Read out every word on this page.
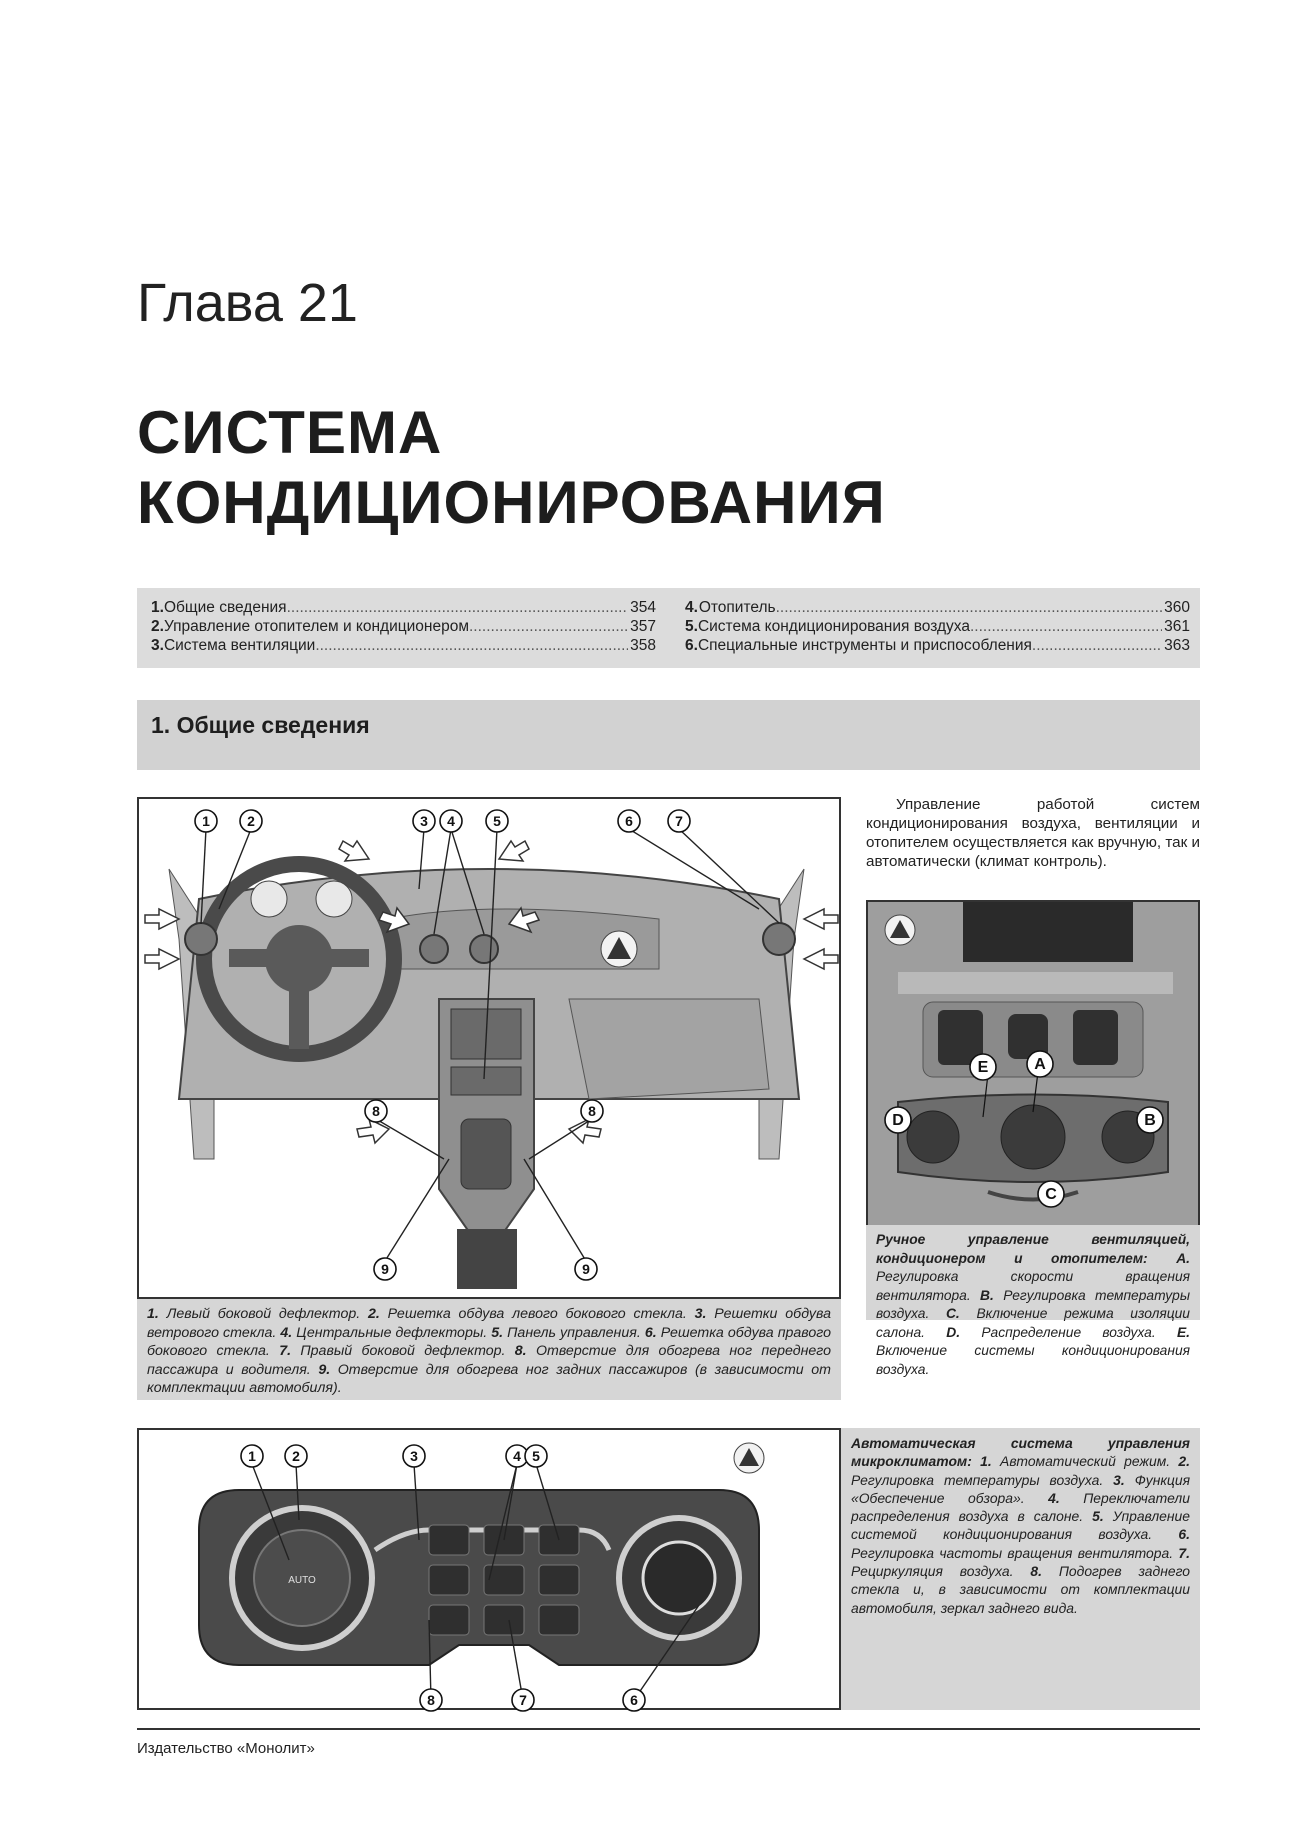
Глава 21
СИСТЕМА
КОНДИЦИОНИРОВАНИЯ
1. Общие сведения .....	354
2. Управление отопителем и кондиционером .....	357
3. Система вентиляции .....	358
4. Отопитель .....	360
5. Система кондиционирования воздуха .....	361
6. Специальные инструменты и приспособления .....	363
1. Общие сведения
1	2	3 4	5	6	7
8	8
9	9
1. Левый боковой дефлектор. 2. Решетка обдува левого бокового стекла. 3. Решетки обдува ветрового стекла. 4. Центральные дефлекторы. 5. Панель управления. 6. Решетка обдува правого бокового стекла. 7. Правый боковой дефлектор. 8. Отверстие для обогрева ног переднего пассажира и водителя. 9. Отверстие для обогрева ног задних пассажиров (в зависимости от комплектации автомобиля).
Управление работой систем кондиционирования воздуха, вентиляции и отопителем осуществляется как вручную, так и автоматически (климат контроль).
A
B
C
D
E
Ручное управление вентиляцией, кондиционером и отопителем: A. Регулировка скорости вращения вентилятора. B. Регулировка температуры воздуха. C. Включение режима изоляции салона. D. Распределение воздуха. E. Включение системы кондиционирования воздуха.
AUTO
1	2	3	4 5
6
7
8
Автоматическая система управления микроклиматом: 1. Автоматический режим. 2. Регулировка температуры воздуха. 3. Функция «Обеспечение обзора». 4. Переключатели распределения воздуха в салоне. 5. Управление системой кондиционирования воздуха. 6. Регулировка частоты вращения вентилятора. 7. Рециркуляция воздуха. 8. Подогрев заднего стекла и, в зависимости от комплектации автомобиля, зеркал заднего вида.
Издательство «Монолит»
